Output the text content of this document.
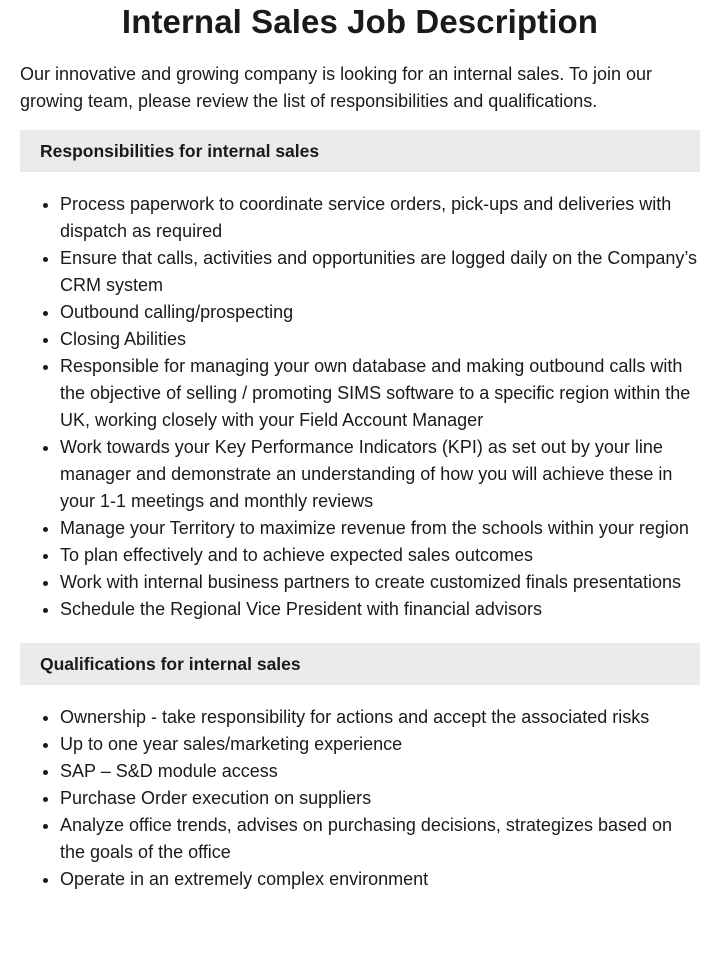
Internal Sales Job Description

Our innovative and growing company is looking for an internal sales. To join our growing team, please review the list of responsibilities and qualifications.

Responsibilities for internal sales
• Process paperwork to coordinate service orders, pick-ups and deliveries with dispatch as required
• Ensure that calls, activities and opportunities are logged daily on the Company’s CRM system
• Outbound calling/prospecting
• Closing Abilities
• Responsible for managing your own database and making outbound calls with the objective of selling / promoting SIMS software to a specific region within the UK, working closely with your Field Account Manager
• Work towards your Key Performance Indicators (KPI) as set out by your line manager and demonstrate an understanding of how you will achieve these in your 1-1 meetings and monthly reviews
• Manage your Territory to maximize revenue from the schools within your region
• To plan effectively and to achieve expected sales outcomes
• Work with internal business partners to create customized finals presentations
• Schedule the Regional Vice President with financial advisors
Qualifications for internal sales
• Ownership - take responsibility for actions and accept the associated risks
• Up to one year sales/marketing experience
• SAP – S&D module access
• Purchase Order execution on suppliers
• Analyze office trends, advises on purchasing decisions, strategizes based on the goals of the office
• Operate in an extremely complex environment
